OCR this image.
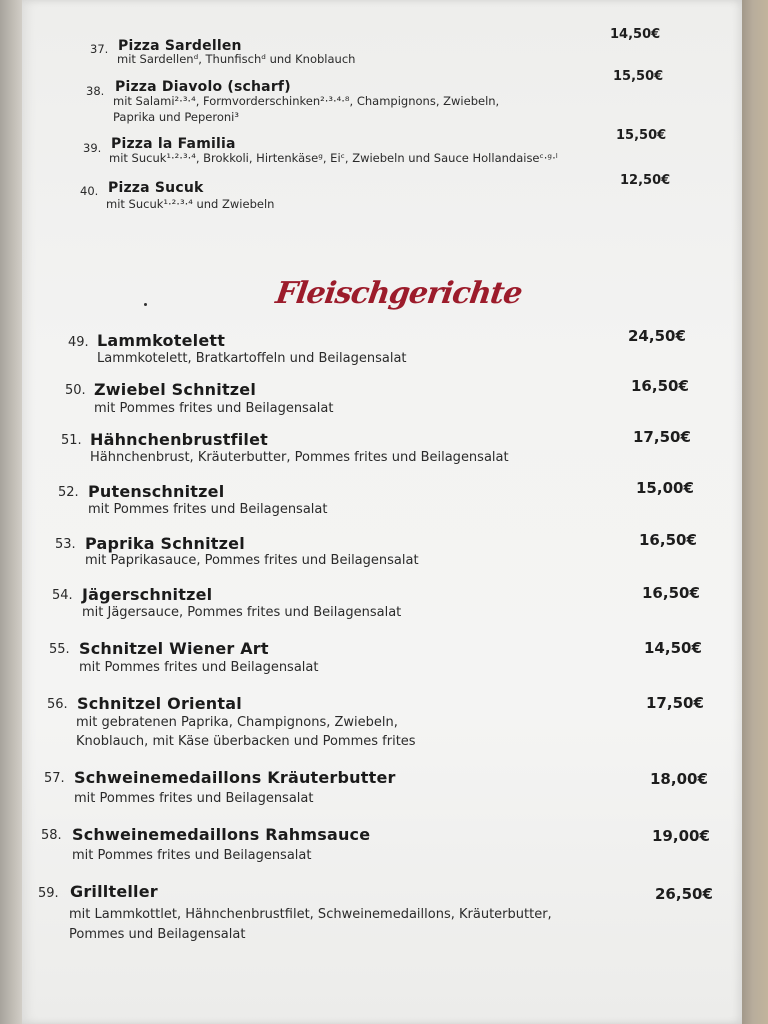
37. Pizza Sardellen
mit Sardellenᵈ, Thunfischᵈ und Knoblauch
14,50€
38. Pizza Diavolo (scharf)
mit Salami²·³·⁴, Formvorderschinken²·³·⁴·⁸, Champignons, Zwiebeln,
Paprika und Peperoni³
15,50€
39. Pizza la Familia
mit Sucuk¹·²·³·⁴, Brokkoli, Hirtenkäseᵍ, Eiᶜ, Zwiebeln und Sauce Hollandaiseᶜ·ᵍ·ˡ
15,50€
40. Pizza Sucuk
mit Sucuk¹·²·³·⁴ und Zwiebeln
12,50€
Fleischgerichte
49. Lammkotelett
Lammkotelett, Bratkartoffeln und Beilagensalat
24,50€
50. Zwiebel Schnitzel
mit Pommes frites und Beilagensalat
16,50€
51. Hähnchenbrustfilet
Hähnchenbrust, Kräuterbutter, Pommes frites und Beilagensalat
17,50€
52. Putenschnitzel
mit Pommes frites und Beilagensalat
15,00€
53. Paprika Schnitzel
mit Paprikasauce, Pommes frites und Beilagensalat
16,50€
54. Jägerschnitzel
mit Jägersauce, Pommes frites und Beilagensalat
16,50€
55. Schnitzel Wiener Art
mit Pommes frites und Beilagensalat
14,50€
56. Schnitzel Oriental
mit gebratenen Paprika, Champignons, Zwiebeln,
Knoblauch, mit Käse überbacken und Pommes frites
17,50€
57. Schweinemedaillons Kräuterbutter
mit Pommes frites und Beilagensalat
18,00€
58. Schweinemedaillons Rahmsauce
mit Pommes frites und Beilagensalat
19,00€
59. Grillteller
mit Lammkottlet, Hähnchenbrustfilet, Schweinemedaillons, Kräuterbutter,
Pommes und Beilagensalat
26,50€
